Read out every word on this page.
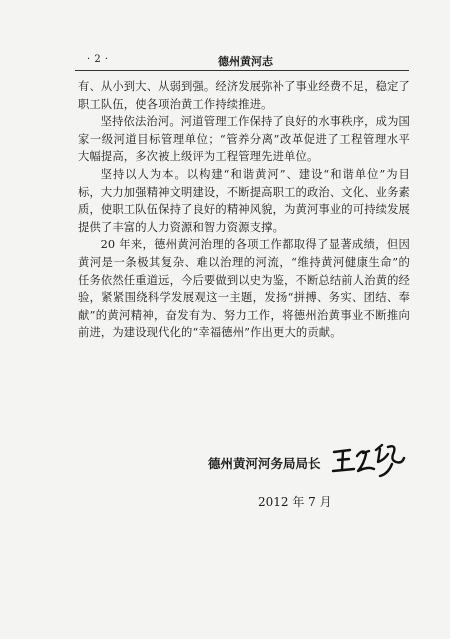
· 2 ·	德州黄河志

有、从小到大、从弱到强。经济发展弥补了事业经费不足，稳定了职工队伍，使各项治黄工作持续推进。

坚持依法治河。河道管理工作保持了良好的水事秩序，成为国家一级河道目标管理单位；“管养分离”改革促进了工程管理水平大幅提高，多次被上级评为工程管理先进单位。

坚持以人为本。以构建“和谐黄河”、建设“和谐单位”为目标，大力加强精神文明建设，不断提高职工的政治、文化、业务素质，使职工队伍保持了良好的精神风貌，为黄河事业的可持续发展提供了丰富的人力资源和智力资源支撑。

20 年来，德州黄河治理的各项工作都取得了显著成绩，但因黄河是一条极其复杂、难以治理的河流，“维持黄河健康生命”的任务依然任重道远，今后要做到以史为鉴，不断总结前人治黄的经验，紧紧围绕科学发展观这一主题，发扬“拼搏、务实、团结、奉献”的黄河精神，奋发有为、努力工作，将德州治黄事业不断推向前进，为建设现代化的“幸福德州”作出更大的贡献。

德州黄河河务局局长
2012 年 7 月
